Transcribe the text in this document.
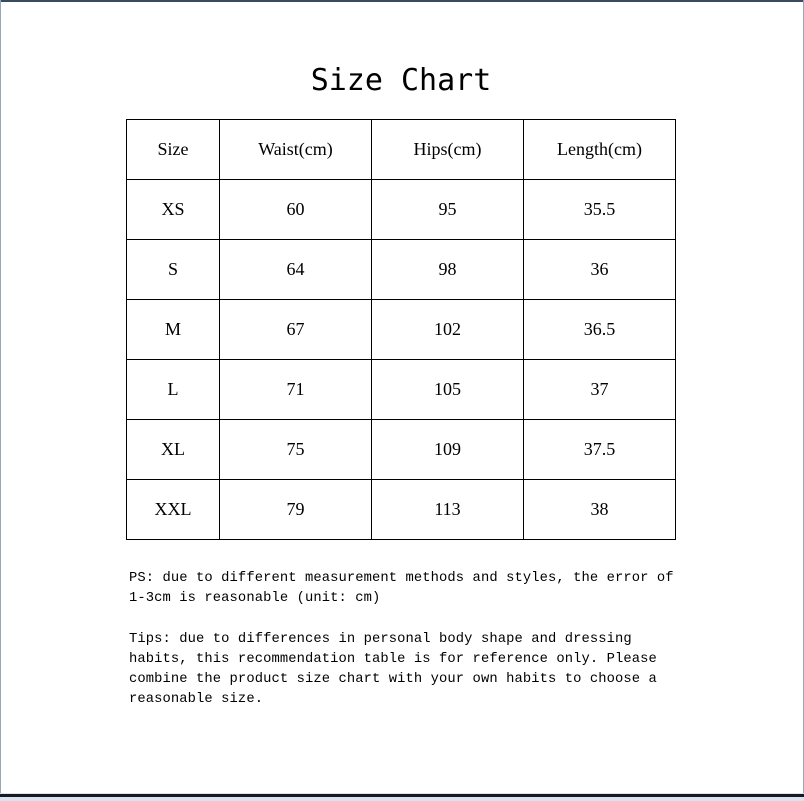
Size Chart
Size	Waist(cm)	Hips(cm)	Length(cm)
XS	60	95	35.5
S	64	98	36
M	67	102	36.5
L	71	105	37
XL	75	109	37.5
XXL	79	113	38
PS: due to different measurement methods and styles, the error of 1-3cm is reasonable (unit: cm)
Tips: due to differences in personal body shape and dressing habits, this recommendation table is for reference only. Please combine the product size chart with your own habits to choose a reasonable size.
